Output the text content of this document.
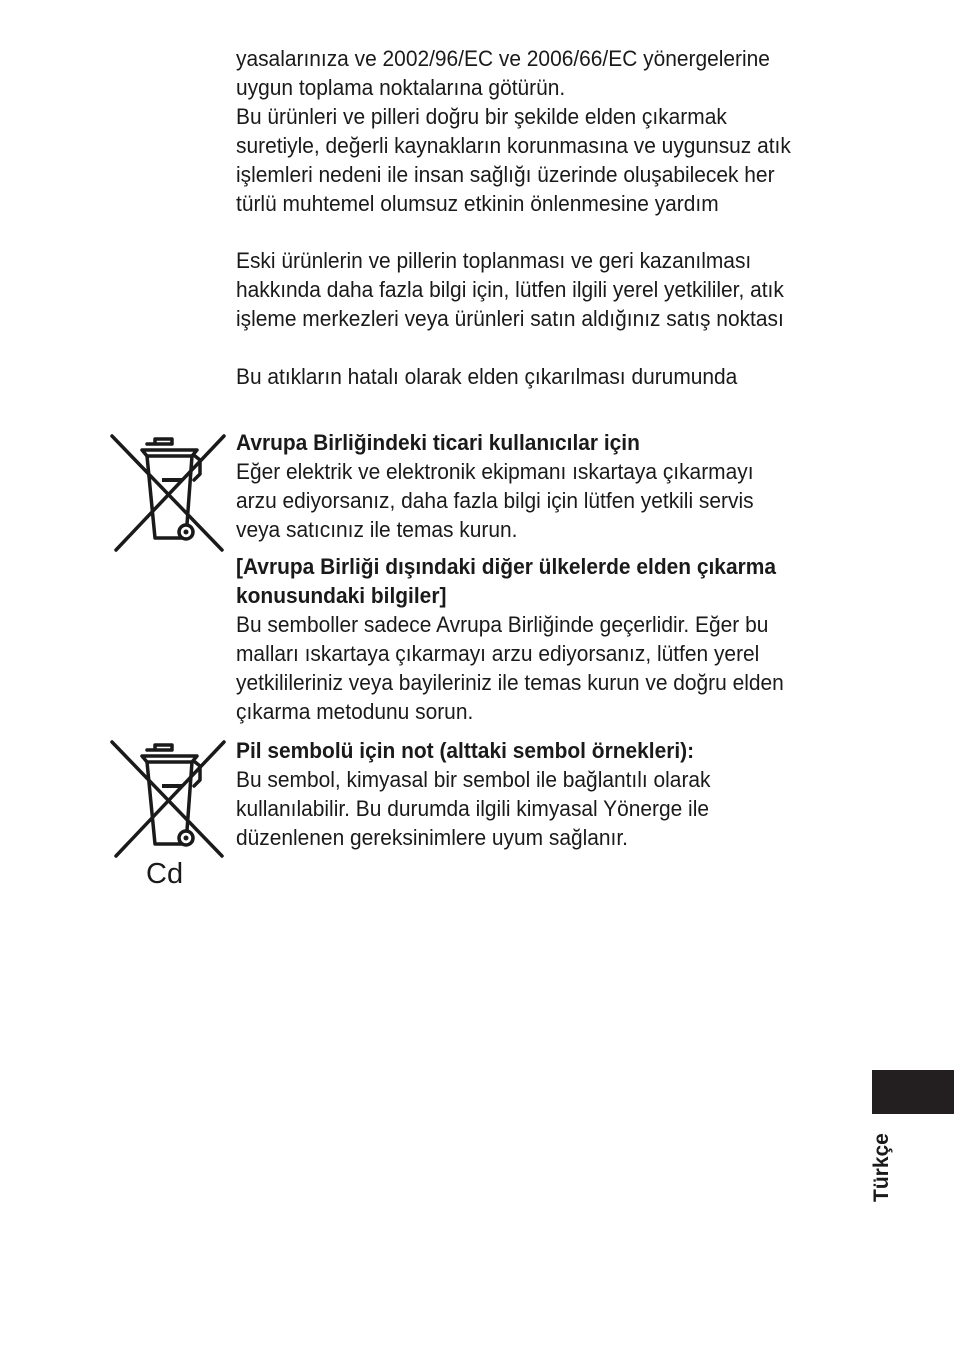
yasalarınıza ve 2002/96/EC ve 2006/66/EC yönergelerine

uygun toplama noktalarına götürün.

Bu ürünleri ve pilleri doğru bir şekilde elden çıkarmak

suretiyle, değerli kaynakların korunmasına ve uygunsuz atık

işlemleri nedeni ile insan sağlığı üzerinde oluşabilecek her

türlü muhtemel olumsuz etkinin önlenmesine yardım

Eski ürünlerin ve pillerin toplanması ve geri kazanılması

hakkında daha fazla bilgi için, lütfen ilgili yerel yetkililer, atık

işleme merkezleri veya ürünleri satın aldığınız satış noktası

Bu atıkların hatalı olarak elden çıkarılması durumunda

Avrupa Birliğindeki ticari kullanıcılar için

Eğer elektrik ve elektronik ekipmanı ıskartaya çıkarmayı

arzu ediyorsanız, daha fazla bilgi için lütfen yetkili servis

veya satıcınız ile temas kurun.

[Avrupa Birliği dışındaki diğer ülkelerde elden çıkarma

konusundaki bilgiler]

Bu semboller sadece Avrupa Birliğinde geçerlidir. Eğer bu

malları ıskartaya çıkarmayı arzu ediyorsanız, lütfen yerel

yetkilileriniz veya bayileriniz ile temas kurun ve doğru elden

çıkarma metodunu sorun.

Cd

Pil sembolü için not (alttaki sembol örnekleri):

Bu sembol, kimyasal bir sembol ile bağlantılı olarak

kullanılabilir. Bu durumda ilgili kimyasal Yönerge ile

düzenlenen gereksinimlere uyum sağlanır.

Türkçe
